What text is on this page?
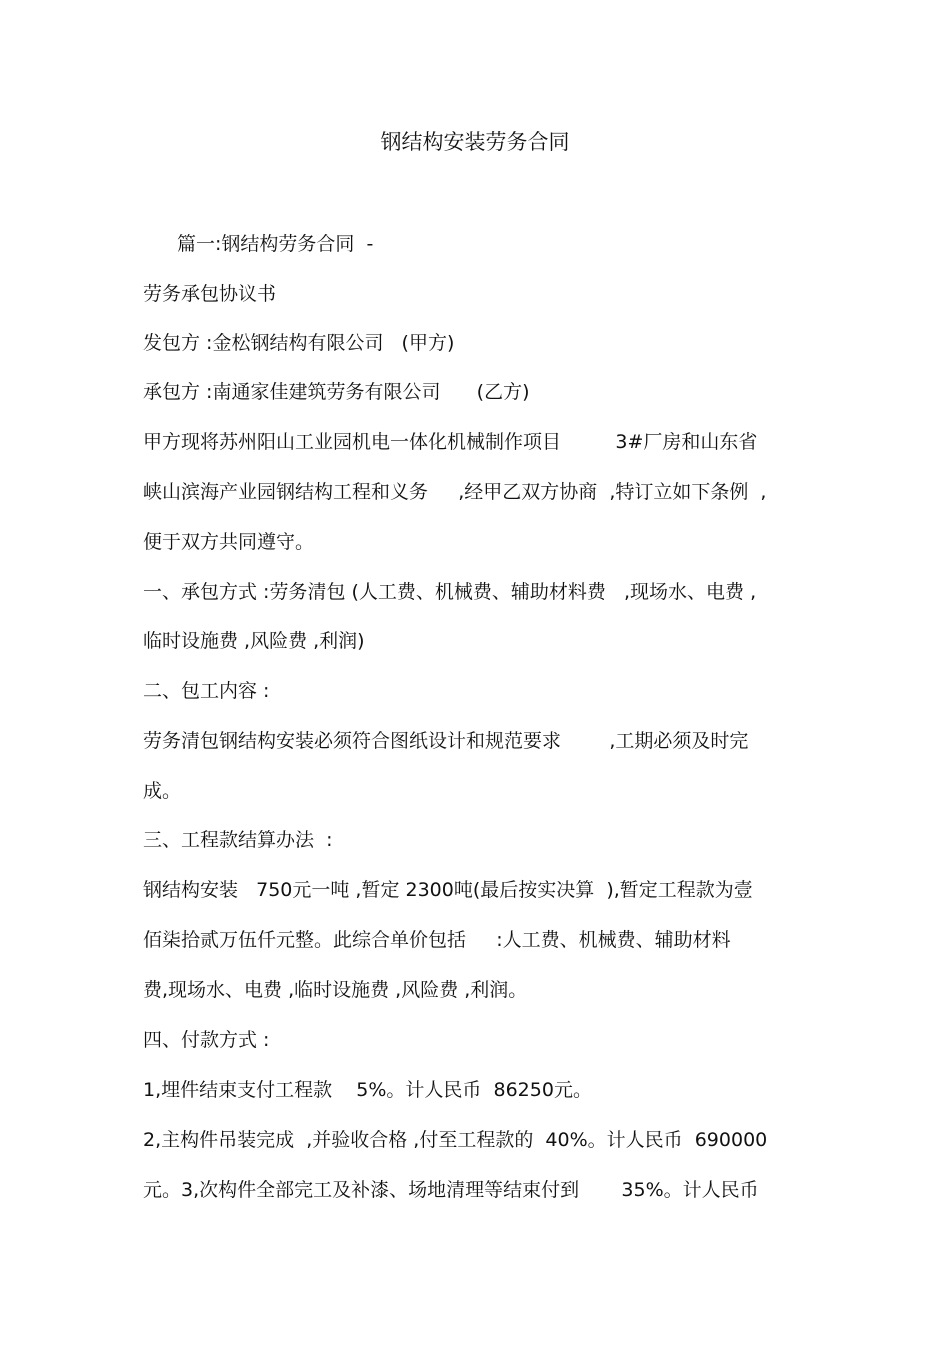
钢结构安装劳务合同
篇一:钢结构劳务合同  -
劳务承包协议书
发包方 :金松钢结构有限公司   (甲方)
承包方 :南通家佳建筑劳务有限公司      (乙方)
甲方现将苏州阳山工业园机电一体化机械制作项目         3#厂房和山东省
峡山滨海产业园钢结构工程和义务     ,经甲乙双方协商  ,特订立如下条例  ,
便于双方共同遵守。
一、承包方式 :劳务清包 (人工费、机械费、辅助材料费   ,现场水、电费 ,
临时设施费 ,风险费 ,利润)
二、包工内容 :
劳务清包钢结构安装必须符合图纸设计和规范要求        ,工期必须及时完
成。
三、工程款结算办法  :
钢结构安装   750元一吨 ,暂定 2300吨(最后按实决算  ),暂定工程款为壹
佰柒拾贰万伍仟元整。此综合单价包括     :人工费、机械费、辅助材料
费,现场水、电费 ,临时设施费 ,风险费 ,利润。
四、付款方式 :
1,埋件结束支付工程款    5%。计人民币  86250元。
2,主构件吊装完成  ,并验收合格 ,付至工程款的  40%。计人民币  690000
元。3,次构件全部完工及补漆、场地清理等结束付到       35%。计人民币
